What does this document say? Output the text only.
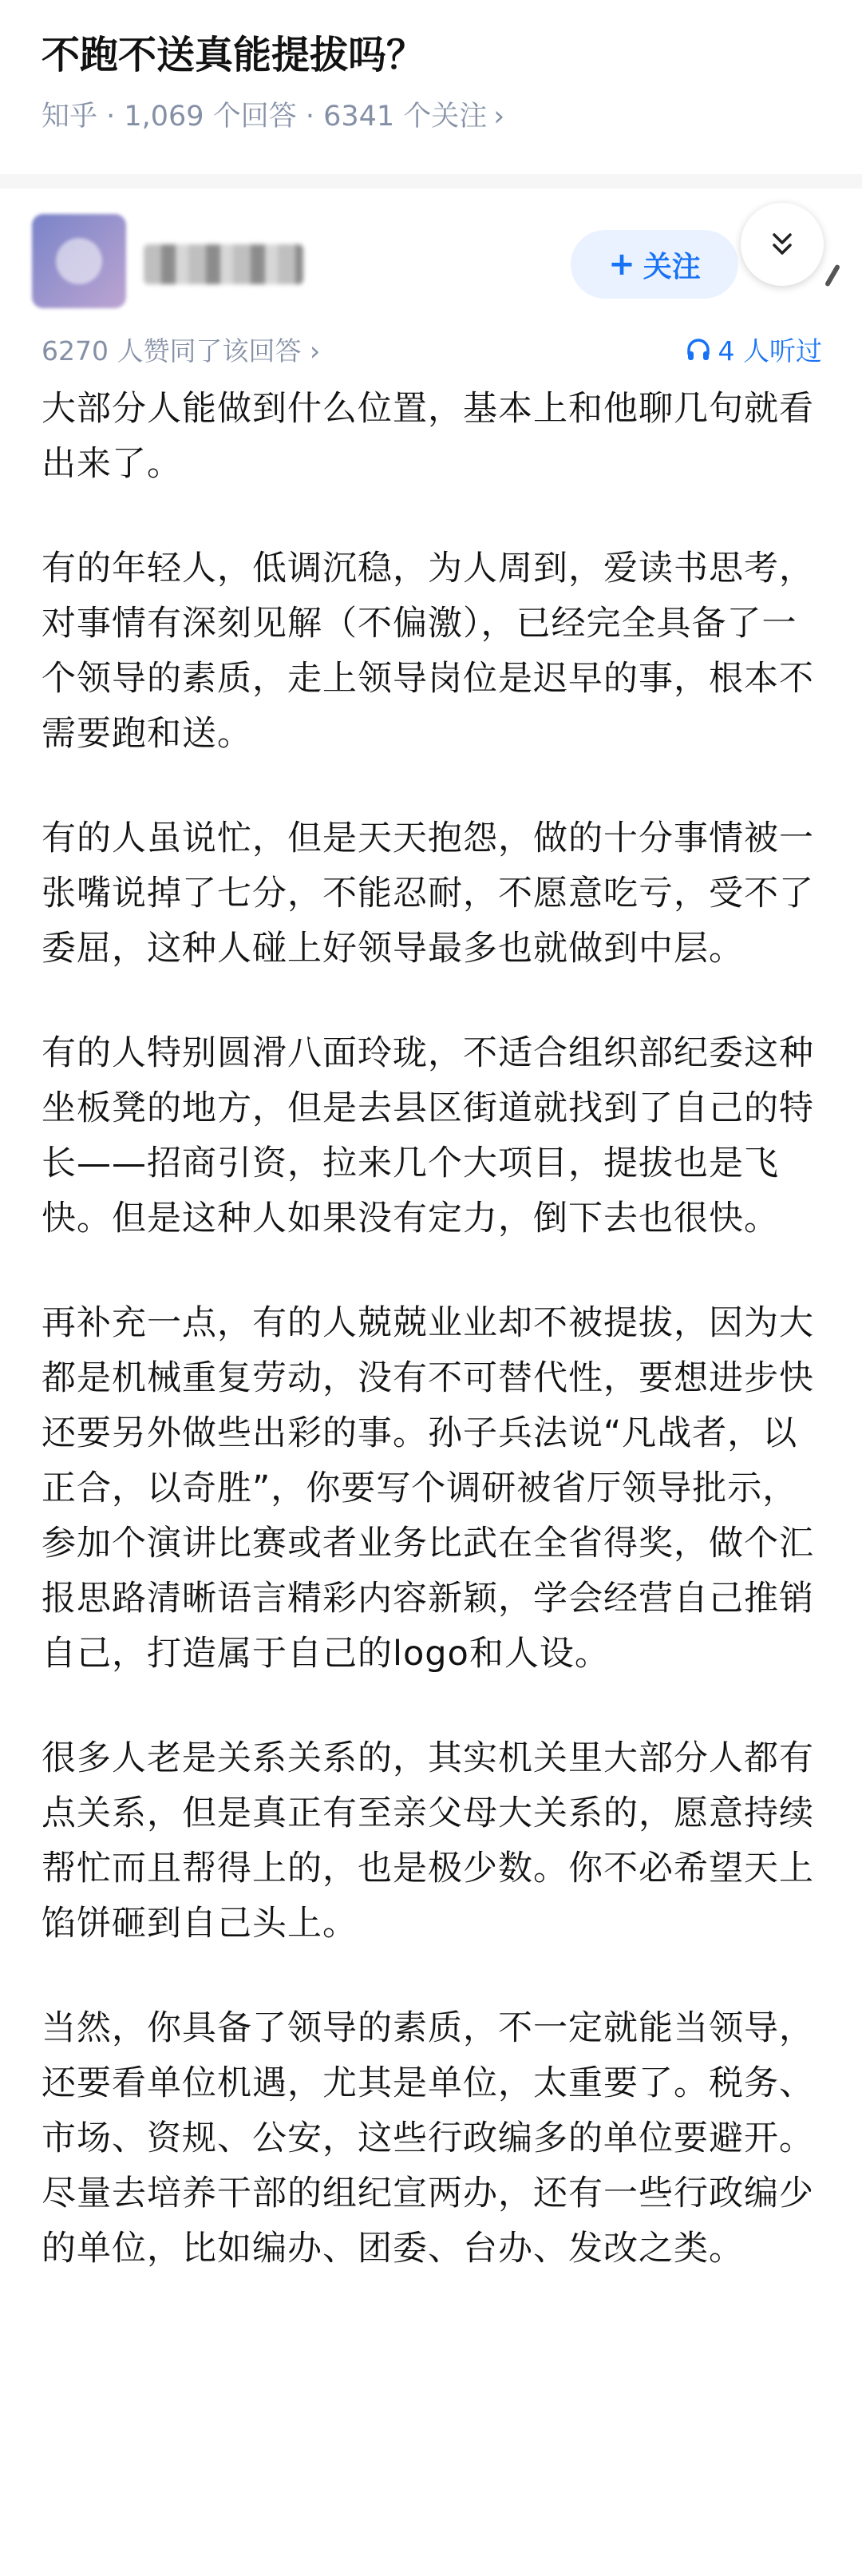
不跑不送真能提拔吗？
知乎 · 1,069 个回答 · 6341 个关注 ›
+ 关注
6270 人赞同了该回答 ›	4 人听过

大部分人能做到什么位置，基本上和他聊几句就看出来了。

有的年轻人，低调沉稳，为人周到，爱读书思考，对事情有深刻见解（不偏激），已经完全具备了一个领导的素质，走上领导岗位是迟早的事，根本不需要跑和送。

有的人虽说忙，但是天天抱怨，做的十分事情被一张嘴说掉了七分，不能忍耐，不愿意吃亏，受不了委屈，这种人碰上好领导最多也就做到中层。

有的人特别圆滑八面玲珑，不适合组织部纪委这种坐板凳的地方，但是去县区街道就找到了自己的特长——招商引资，拉来几个大项目，提拔也是飞快。但是这种人如果没有定力，倒下去也很快。

再补充一点，有的人兢兢业业却不被提拔，因为大都是机械重复劳动，没有不可替代性，要想进步快还要另外做些出彩的事。孙子兵法说“凡战者，以正合，以奇胜”，你要写个调研被省厅领导批示，参加个演讲比赛或者业务比武在全省得奖，做个汇报思路清晰语言精彩内容新颖，学会经营自己推销自己，打造属于自己的logo和人设。

很多人老是关系关系的，其实机关里大部分人都有点关系，但是真正有至亲父母大关系的，愿意持续帮忙而且帮得上的，也是极少数。你不必希望天上馅饼砸到自己头上。

当然，你具备了领导的素质，不一定就能当领导，还要看单位机遇，尤其是单位，太重要了。税务、市场、资规、公安，这些行政编多的单位要避开。尽量去培养干部的组纪宣两办，还有一些行政编少的单位，比如编办、团委、台办、发改之类。
